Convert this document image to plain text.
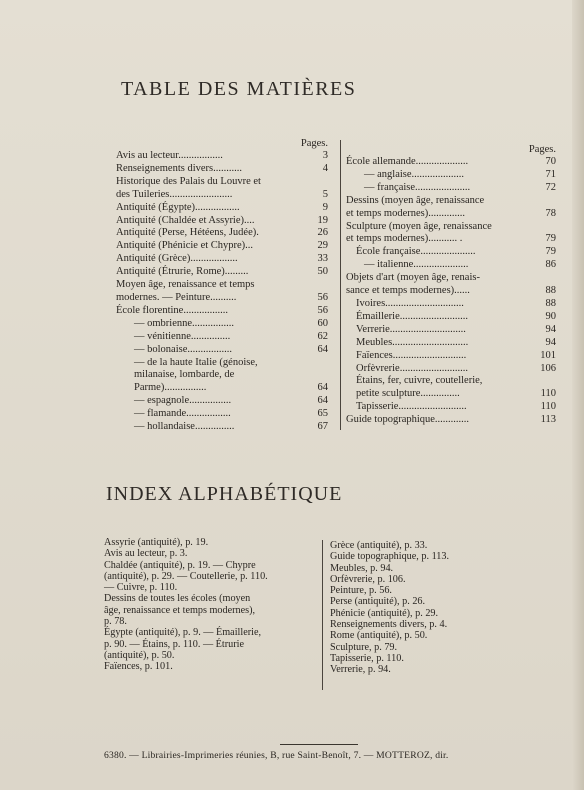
TABLE DES MATIÈRES
Pages.
Avis au lecteur.................	3
Renseignements divers...........	4
Historique des Palais du Louvre et
des Tuileries........................	5
Antiquité (Égypte).................	9
Antiquité (Chaldée et Assyrie)....	19
Antiquité (Perse, Hétéens, Judée).	26
Antiquité (Phénicie et Chypre)...	29
Antiquité (Grèce)..................	33
Antiquité (Étrurie, Rome).........	50
Moyen âge, renaissance et temps
modernes. — Peinture..........	56
École florentine.................	56
— ombrienne................	60
— vénitienne...............	62
— bolonaise.................	64
— de la haute Italie (génoise,
milanaise, lombarde, de
Parme)................	64
— espagnole................	64
— flamande.................	65
— hollandaise...............	67
Pages.
École allemande....................	70
— anglaise....................	71
— française.....................	72
Dessins (moyen âge, renaissance
et temps modernes)..............	78
Sculpture (moyen âge, renaissance
et temps modernes)........... .	79
École française.....................	79
— italienne.....................	86
Objets d'art (moyen âge, renais-
sance et temps modernes)......	88
Ivoires..............................	88
Émaillerie..........................	90
Verrerie.............................	94
Meubles.............................	94
Faïences............................	101
Orfèvrerie..........................	106
Étains, fer, cuivre, coutellerie,
petite sculpture...............	110
Tapisserie..........................	110
Guide topographique.............	113
INDEX ALPHABÉTIQUE
Assyrie (antiquité), p. 19.
Avis au lecteur, p. 3.
Chaldée (antiquité), p. 19. — Chypre
(antiquité), p. 29. — Coutellerie, p. 110.
— Cuivre, p. 110.
Dessins de toutes les écoles (moyen
âge, renaissance et temps modernes),
p. 78.
Égypte (antiquité), p. 9. — Émaillerie,
p. 90. — Étains, p. 110. — Étrurie
(antiquité), p. 50.
Faïences, p. 101.
Grèce (antiquité), p. 33.
Guide topographique, p. 113.
Meubles, p. 94.
Orfèvrerie, p. 106.
Peinture, p. 56.
Perse (antiquité), p. 26.
Phénicie (antiquité), p. 29.
Renseignements divers, p. 4.
Rome (antiquité), p. 50.
Sculpture, p. 79.
Tapisserie, p. 110.
Verrerie, p. 94.
6380. — Librairies-Imprimeries réunies, B, rue Saint-Benoît, 7. — MOTTEROZ, dir.
